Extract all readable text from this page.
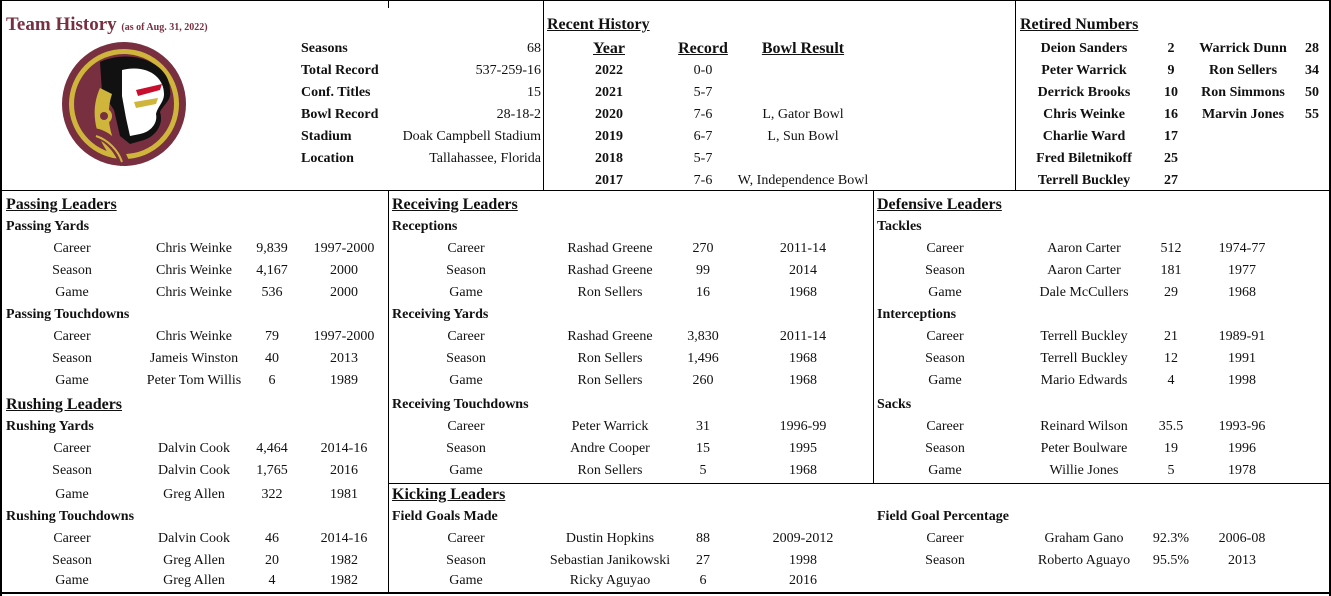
Team History (as of Aug. 31, 2022)
Seasons	68
Total Record	537-259-16
Conf. Titles	15
Bowl Record	28-18-2
Stadium	Doak Campbell Stadium
Location	Tallahassee, Florida
Recent History
Year	Record	Bowl Result
2022	0-0
2021	5-7
2020	7-6	L, Gator Bowl
2019	6-7	L, Sun Bowl
2018	5-7
2017	7-6	W, Independence Bowl
Retired Numbers
Deion Sanders	2
Peter Warrick	9
Derrick Brooks	10
Chris Weinke	16
Charlie Ward	17
Fred Biletnikoff	25
Terrell Buckley	27
Warrick Dunn	28
Ron Sellers	34
Ron Simmons	50
Marvin Jones	55
Passing Leaders
Rushing Leaders
Receiving Leaders	Defensive Leaders
Kicking Leaders
Passing Yards
Career	Chris Weinke	9,839	1997-2000
Season	Chris Weinke	4,167	2000
Game	Chris Weinke	536	2000
Passing Touchdowns
Career	Chris Weinke	79	1997-2000
Season	Jameis Winston	40	2013
Game	Peter Tom Willis	6	1989
Rushing Yards
Career	Dalvin Cook	4,464	2014-16
Season	Dalvin Cook	1,765	2016
Game	Greg Allen	322	1981
Rushing Touchdowns
Career	Dalvin Cook	46	2014-16
Season	Greg Allen	20	1982
Game	Greg Allen	4	1982
Receptions
Career	Rashad Greene	270	2011-14
Season	Rashad Greene	99	2014
Game	Ron Sellers	16	1968
Receiving Yards
Career	Rashad Greene	3,830	2011-14
Season	Ron Sellers	1,496	1968
Game	Ron Sellers	260	1968
Receiving Touchdowns
Career	Peter Warrick	31	1996-99
Season	Andre Cooper	15	1995
Game	Ron Sellers	5	1968
Field Goals Made
Career	Dustin Hopkins	88	2009-2012
Season	Sebastian Janikowski	27	1998
Game	Ricky Aguyao	6	2016
Tackles
Career	Aaron Carter	512	1974-77
Season	Aaron Carter	181	1977
Game	Dale McCullers	29	1968
Interceptions
Career	Terrell Buckley	21	1989-91
Season	Terrell Buckley	12	1991
Game	Mario Edwards	4	1998
Sacks
Career	Reinard Wilson	35.5	1993-96
Season	Peter Boulware	19	1996
Game	Willie Jones	5	1978
Field Goal Percentage
Career	Graham Gano	92.3%	2006-08
Season	Roberto Aguayo	95.5%	2013
